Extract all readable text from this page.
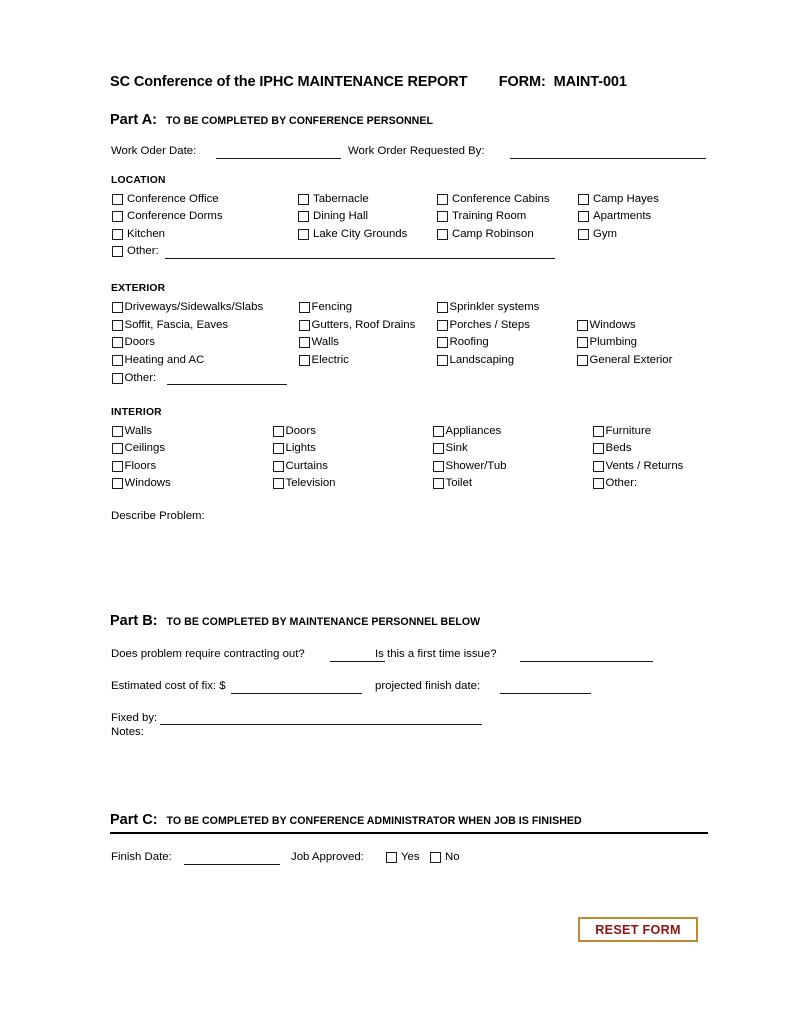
SC Conference of the IPHC MAINTENANCE REPORT        FORM:  MAINT-001
Part A: TO BE COMPLETED BY CONFERENCE PERSONNEL
Work Oder Date:	Work Order Requested By:
LOCATION
Conference Office
Conference Dorms
Kitchen
Tabernacle
Dining Hall
Lake City Grounds
Conference Cabins
Training Room
Camp Robinson
Camp Hayes
Apartments
Gym
Other:
EXTERIOR
Driveways/Sidewalks/Slabs
Soffit, Fascia, Eaves
Doors
Heating and AC
Fencing
Gutters, Roof Drains
Walls
Electric
Sprinkler systems
Porches / Steps
Roofing
Landscaping
Windows
Plumbing
General Exterior
Other:
INTERIOR
Walls
Ceilings
Floors
Windows
Doors
Lights
Curtains
Television
Appliances
Sink
Shower/Tub
Toilet
Furniture
Beds
Vents / Returns
Other:
Describe Problem:
Part B: TO BE COMPLETED BY MAINTENANCE PERSONNEL BELOW
Does problem require contracting out?	Is this a first time issue?
Estimated cost of fix: $	projected finish date:
Fixed by:
Notes:
Part C: TO BE COMPLETED BY CONFERENCE ADMINISTRATOR WHEN JOB IS FINISHED
Finish Date:	Job Approved:	Yes No
RESET FORM
